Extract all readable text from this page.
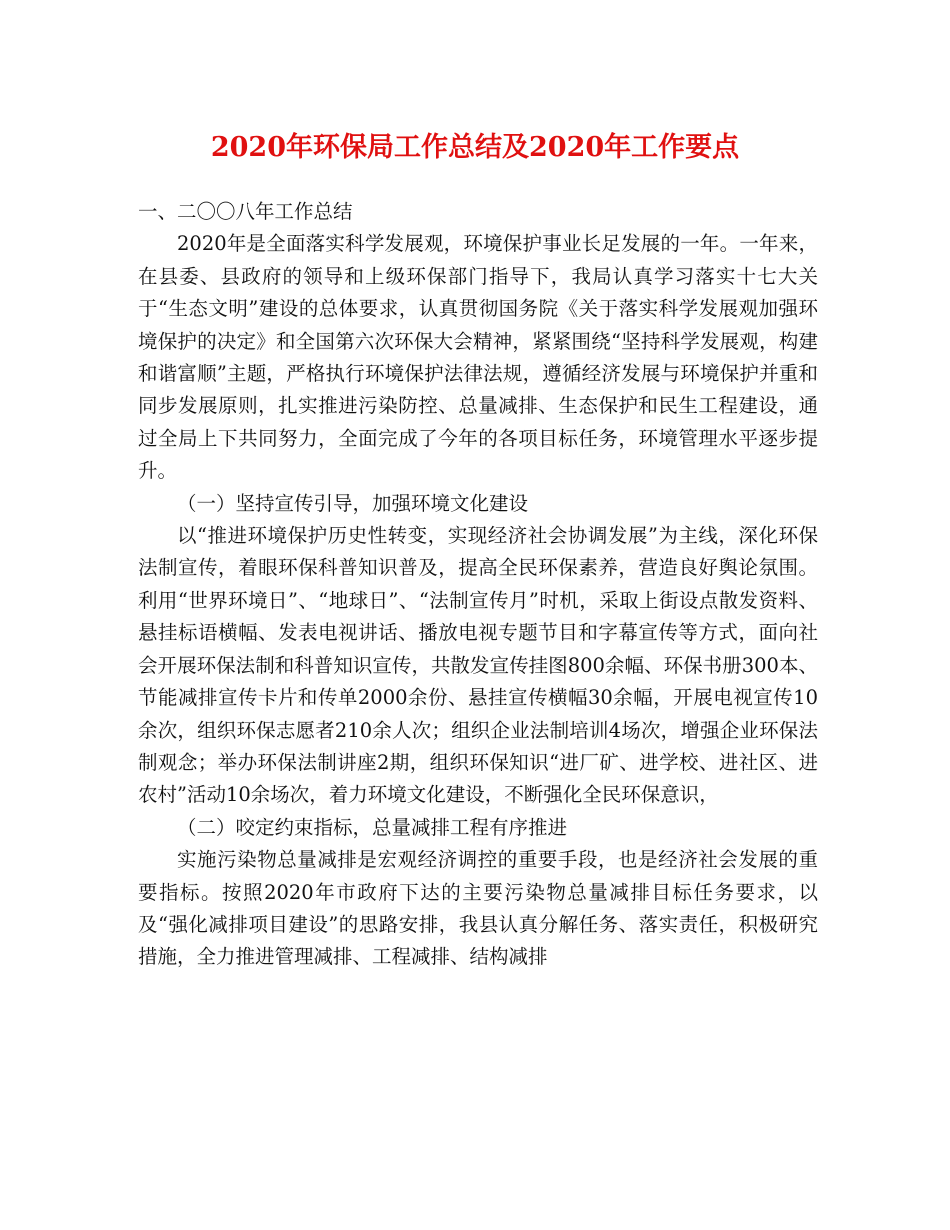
2020年环保局工作总结及2020年工作要点

一、二〇〇八年工作总结

2020年是全面落实科学发展观，环境保护事业长足发展的一年。一年来，在县委、县政府的领导和上级环保部门指导下，我局认真学习落实十七大关于“生态文明”建设的总体要求，认真贯彻国务院《关于落实科学发展观加强环境保护的决定》和全国第六次环保大会精神，紧紧围绕“坚持科学发展观，构建和谐富顺”主题，严格执行环境保护法律法规，遵循经济发展与环境保护并重和同步发展原则，扎实推进污染防控、总量减排、生态保护和民生工程建设，通过全局上下共同努力，全面完成了今年的各项目标任务，环境管理水平逐步提升。

（一）坚持宣传引导，加强环境文化建设

以“推进环境保护历史性转变，实现经济社会协调发展”为主线，深化环保法制宣传，着眼环保科普知识普及，提高全民环保素养，营造良好舆论氛围。利用“世界环境日”、“地球日”、“法制宣传月”时机，采取上街设点散发资料、悬挂标语横幅、发表电视讲话、播放电视专题节目和字幕宣传等方式，面向社会开展环保法制和科普知识宣传，共散发宣传挂图800余幅、环保书册300本、节能减排宣传卡片和传单2000余份、悬挂宣传横幅30余幅，开展电视宣传10余次，组织环保志愿者210余人次；组织企业法制培训4场次，增强企业环保法制观念；举办环保法制讲座2期，组织环保知识“进厂矿、进学校、进社区、进农村”活动10余场次，着力环境文化建设，不断强化全民环保意识，

（二）咬定约束指标，总量减排工程有序推进

实施污染物总量减排是宏观经济调控的重要手段，也是经济社会发展的重要指标。按照2020年市政府下达的主要污染物总量减排目标任务要求，以及“强化减排项目建设”的思路安排，我县认真分解任务、落实责任，积极研究措施，全力推进管理减排、工程减排、结构减排
